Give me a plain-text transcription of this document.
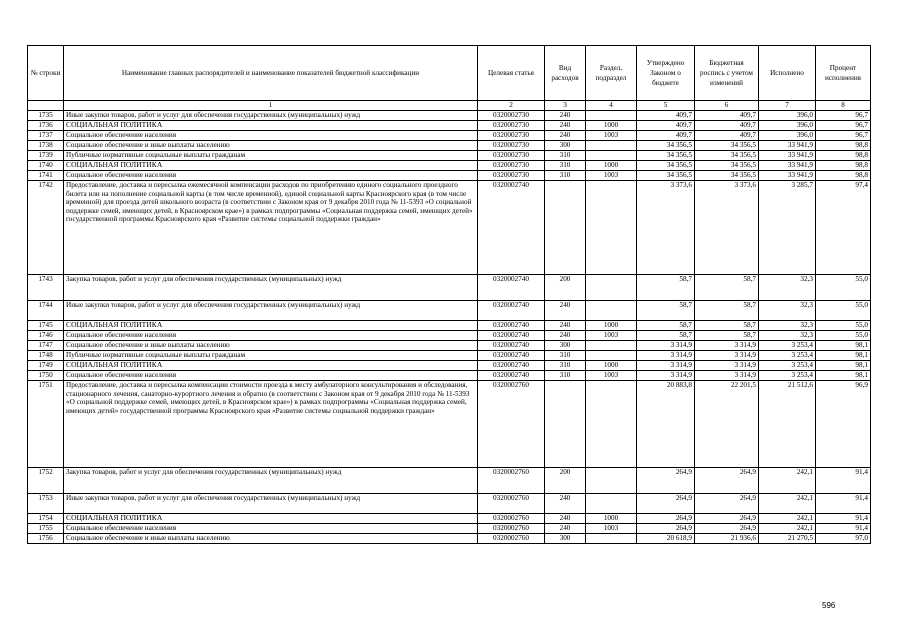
№ строки	Наименование главных распорядителей и наименование показателей бюджетной классификации	Целевая статья	Вид расходов	Раздел, подраздел	Утверждено Законом о бюджете	Бюджетная роспись с учетом изменений	Исполнено	Процент исполнения
	1	2	3	4	5	6	7	8
1735	Иные закупки товаров, работ и услуг для обеспечения государственных (муниципальных) нужд	0320002730	240		409,7	409,7	396,0	96,7
1736	СОЦИАЛЬНАЯ ПОЛИТИКА	0320002730	240	1000	409,7	409,7	396,0	96,7
1737	Социальное обеспечение населения	0320002730	240	1003	409,7	409,7	396,0	96,7
1738	Социальное обеспечение и иные выплаты населению	0320002730	300		34 356,5	34 356,5	33 941,9	98,8
1739	Публичные нормативные социальные выплаты гражданам	0320002730	310		34 356,5	34 356,5	33 941,9	98,8
1740	СОЦИАЛЬНАЯ ПОЛИТИКА	0320002730	310	1000	34 356,5	34 356,5	33 941,9	98,8
1741	Социальное обеспечение населения	0320002730	310	1003	34 356,5	34 356,5	33 941,9	98,8
1742	Предоставление, доставка и пересылка ежемесячной компенсации расходов по приобретению единого социального проездного билета или на пополнение социальной карты (в том числе временной), единой социальной карты Красноярского края (в том числе временной) для проезда детей школьного возраста (в соответствии с Законом края от 9 декабря 2010 года № 11-5393 «О социальной поддержке семей, имеющих детей, в Красноярском крае») в рамках подпрограммы «Социальная поддержка семей, имеющих детей» государственной программы Красноярского края «Развитие системы социальной поддержки граждан»	0320002740			3 373,6	3 373,6	3 285,7	97,4
1743	Закупка товаров, работ и услуг для обеспечения государственных (муниципальных) нужд	0320002740	200		58,7	58,7	32,3	55,0
1744	Иные закупки товаров, работ и услуг для обеспечения государственных (муниципальных) нужд	0320002740	240		58,7	58,7	32,3	55,0
1745	СОЦИАЛЬНАЯ ПОЛИТИКА	0320002740	240	1000	58,7	58,7	32,3	55,0
1746	Социальное обеспечение населения	0320002740	240	1003	58,7	58,7	32,3	55,0
1747	Социальное обеспечение и иные выплаты населению	0320002740	300		3 314,9	3 314,9	3 253,4	98,1
1748	Публичные нормативные социальные выплаты гражданам	0320002740	310		3 314,9	3 314,9	3 253,4	98,1
1749	СОЦИАЛЬНАЯ ПОЛИТИКА	0320002740	310	1000	3 314,9	3 314,9	3 253,4	98,1
1750	Социальное обеспечение населения	0320002740	310	1003	3 314,9	3 314,9	3 253,4	98,1
1751	Предоставление, доставка и пересылка компенсации стоимости проезда к месту амбулаторного консультирования и обследования, стационарного лечения, санаторно-курортного лечения и обратно (в соответствии с Законом края от 9 декабря 2010 года № 11-5393 «О социальной поддержке семей, имеющих детей, в Красноярском крае») в рамках подпрограммы «Социальная поддержка семей, имеющих детей» государственной программы Красноярского края «Развитие системы социальной поддержки граждан»	0320002760			20 883,8	22 201,5	21 512,6	96,9
1752	Закупка товаров, работ и услуг для обеспечения государственных (муниципальных) нужд	0320002760	200		264,9	264,9	242,1	91,4
1753	Иные закупки товаров, работ и услуг для обеспечения государственных (муниципальных) нужд	0320002760	240		264,9	264,9	242,1	91,4
1754	СОЦИАЛЬНАЯ ПОЛИТИКА	0320002760	240	1000	264,9	264,9	242,1	91,4
1755	Социальное обеспечение населения	0320002760	240	1003	264,9	264,9	242,1	91,4
1756	Социальное обеспечение и иные выплаты населению	0320002760	300		20 618,9	21 936,6	21 270,5	97,0
596
